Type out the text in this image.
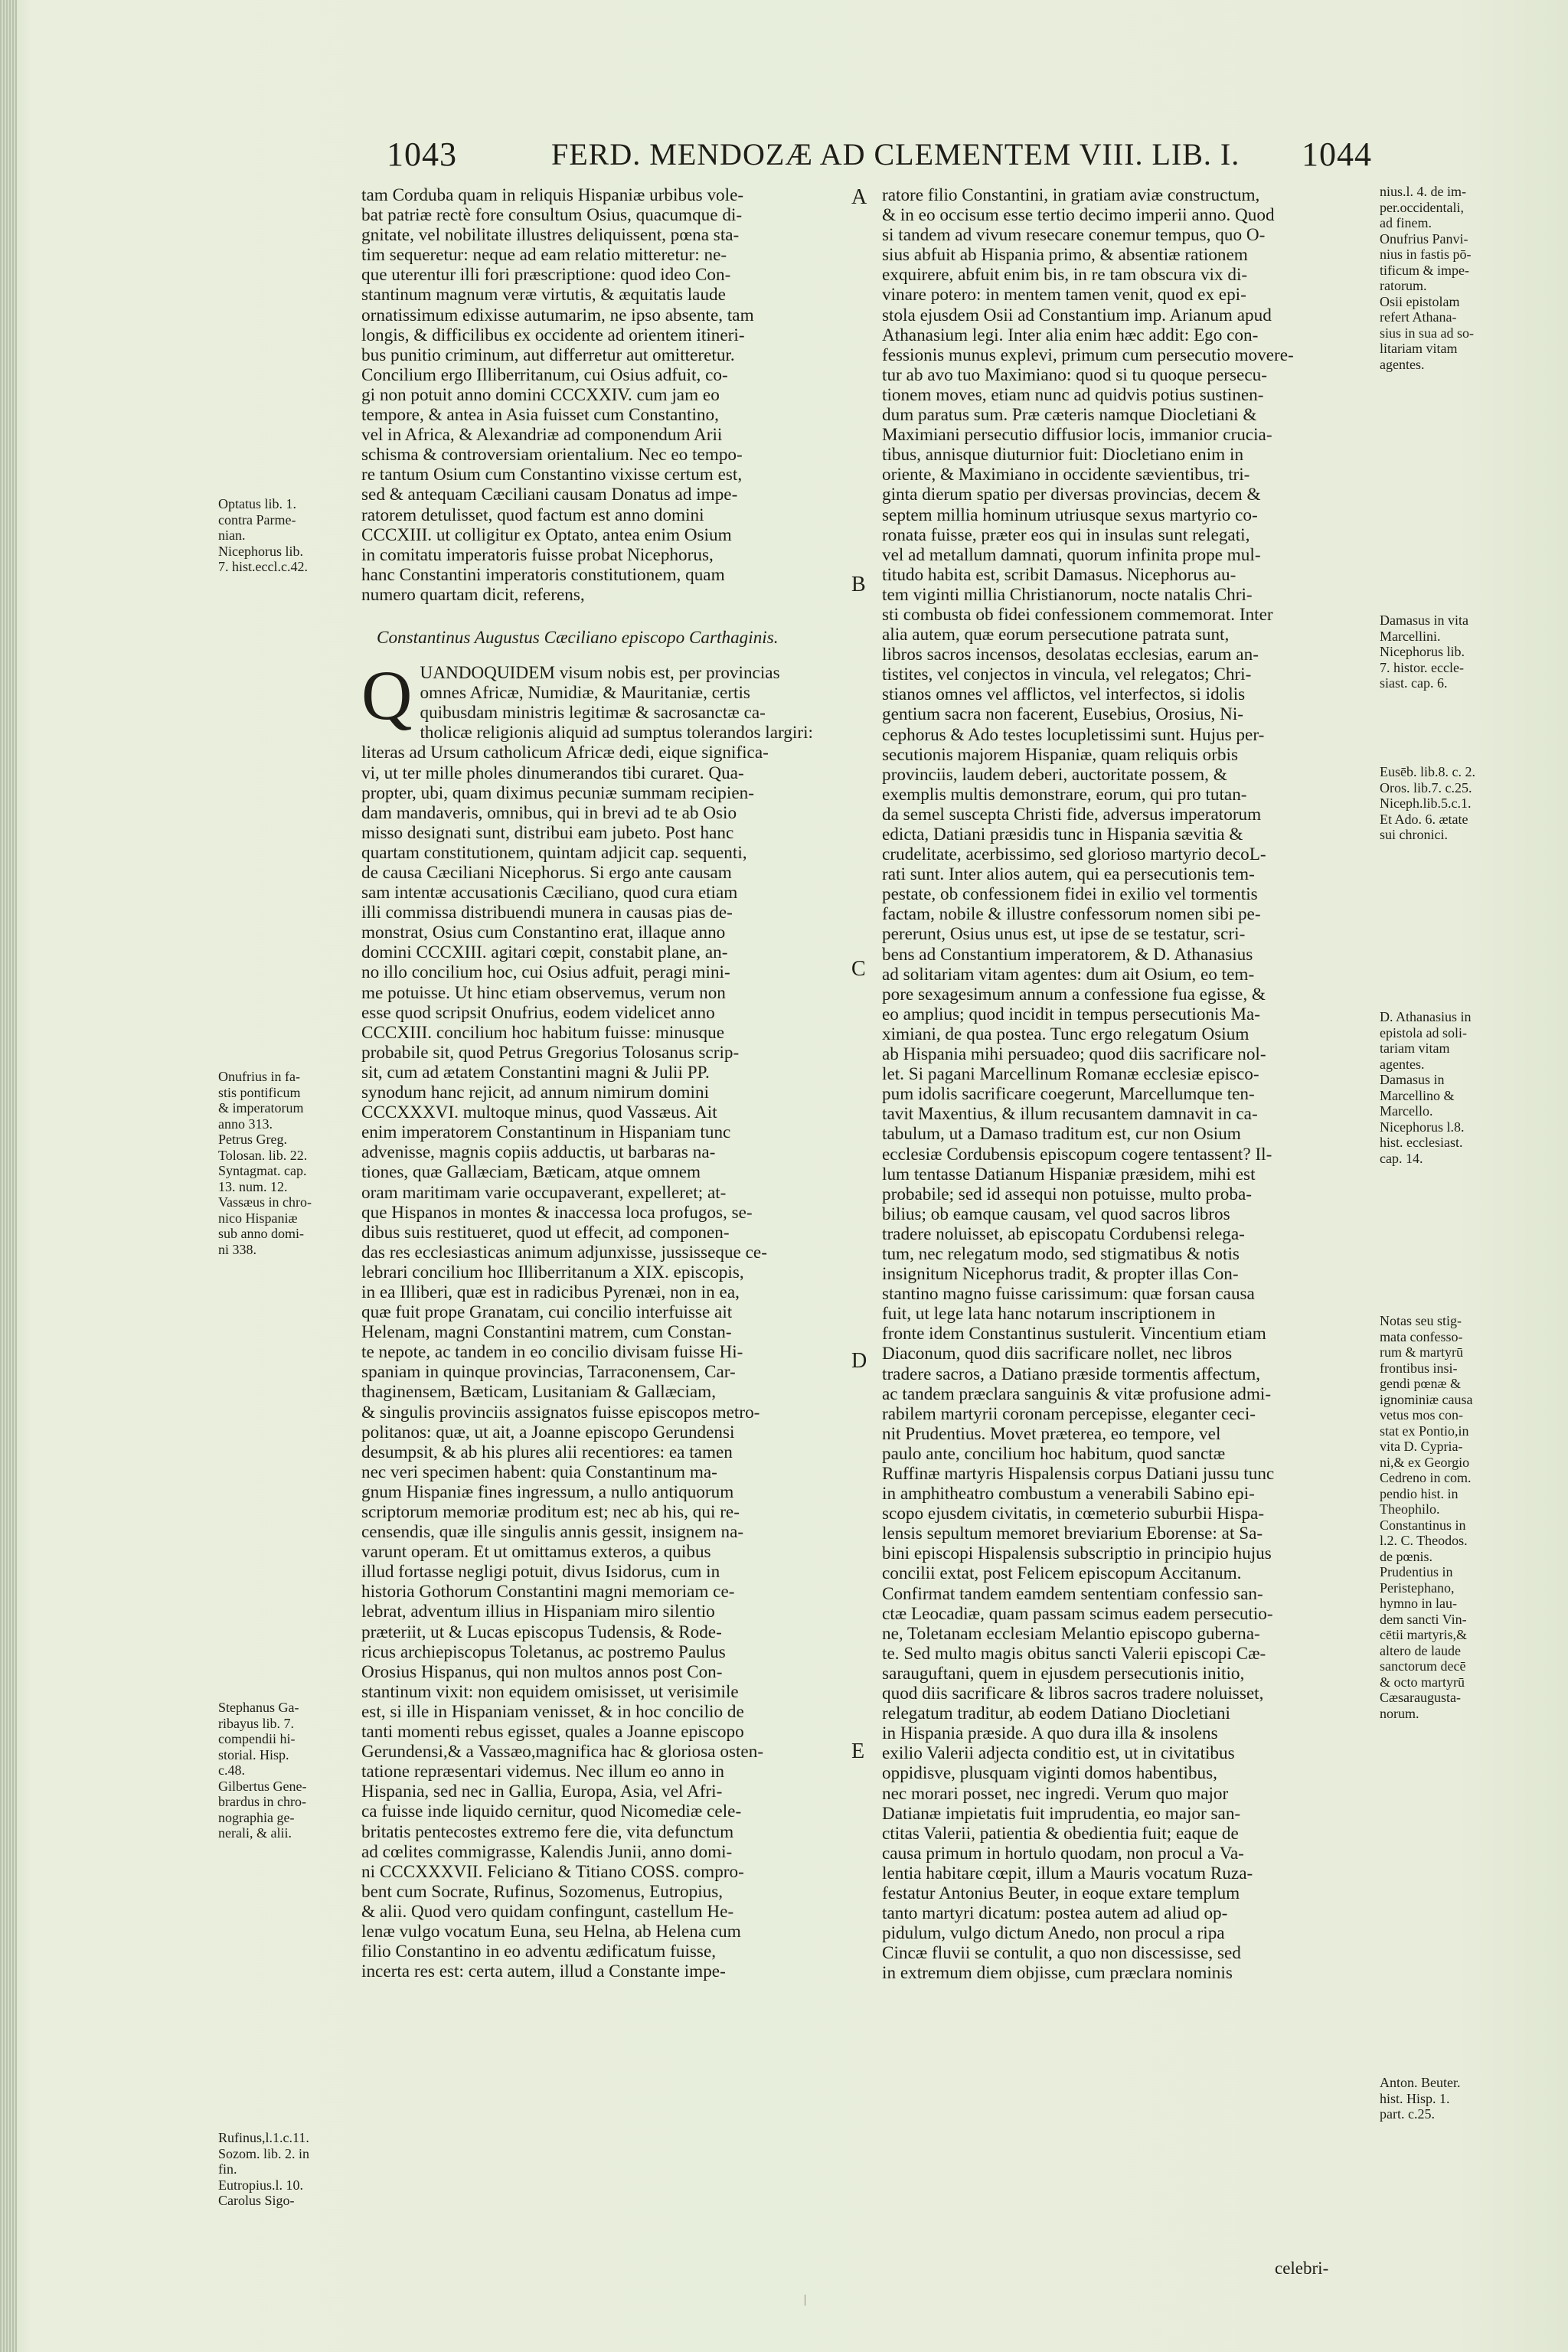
1043	FERD. MENDOZÆ AD CLEMENTEM VIII. LIB. I.	1044
Optatus lib. 1.
contra Parme-
nian.
Nicephorus lib.
7. hist.eccl.c.42.
Onufrius in fa-
stis pontificum
& imperatorum
anno 313.
Petrus Greg.
Tolosan. lib. 22.
Syntagmat. cap.
13. num. 12.
Vassæus in chro-
nico Hispaniæ
sub anno domi-
ni 338.
Stephanus Ga-
ribayus lib. 7.
compendii hi-
storial. Hisp.
c.48.
Gilbertus Gene-
brardus in chro-
nographia ge-
nerali, & alii.
Rufinus,l.1.c.11.
Sozom. lib. 2. in
fin.
Eutropius.l. 10.
Carolus Sigo-
tam Corduba quam in reliquis Hispaniæ urbibus vole-
bat patriæ rectè fore consultum Osius, quacumque di-
gnitate, vel nobilitate illustres deliquissent, pœna sta-
tim sequeretur: neque ad eam relatio mitteretur: ne-
que uterentur illi fori præscriptione: quod ideo Con-
stantinum magnum veræ virtutis, & æquitatis laude
ornatissimum edixisse autumarim, ne ipso absente, tam
longis, & difficilibus ex occidente ad orientem itineri-
bus punitio criminum, aut differretur aut omitteretur.
Concilium ergo Illiberritanum, cui Osius adfuit, co-
gi non potuit anno domini CCCXXIV. cum jam eo
tempore, & antea in Asia fuisset cum Constantino,
vel in Africa, & Alexandriæ ad componendum Arii
schisma & controversiam orientalium. Nec eo tempo-
re tantum Osium cum Constantino vixisse certum est,
sed & antequam Cæciliani causam Donatus ad impe-
ratorem detulisset, quod factum est anno domini
CCCXIII. ut colligitur ex Optato, antea enim Osium
in comitatu imperatoris fuisse probat Nicephorus,
hanc Constantini imperatoris constitutionem, quam
numero quartam dicit, referens,

Constantinus Augustus Cæciliano episcopo Carthaginis.

Q UANDOQUIDEM visum nobis est, per provincias
omnes Africæ, Numidiæ, & Mauritaniæ, certis
quibusdam ministris legitimæ & sacrosanctæ ca-
tholicæ religionis aliquid ad sumptus tolerandos largiri:
literas ad Ursum catholicum Africæ dedi, eique significa-
vi, ut ter mille pholes dinumerandos tibi curaret. Qua-
propter, ubi, quam diximus pecuniæ summam recipien-
dam mandaveris, omnibus, qui in brevi ad te ab Osio
misso designati sunt, distribui eam jubeto. Post hanc
quartam constitutionem, quintam adjicit cap. sequenti,
de causa Cæciliani Nicephorus. Si ergo ante causam
sam intentæ accusationis Cæciliano, quod cura etiam
illi commissa distribuendi munera in causas pias de-
monstrat, Osius cum Constantino erat, illaque anno
domini CCCXIII. agitari cœpit, constabit plane, an-
no illo concilium hoc, cui Osius adfuit, peragi mini-
me potuisse. Ut hinc etiam observemus, verum non
esse quod scripsit Onufrius, eodem videlicet anno
CCCXIII. concilium hoc habitum fuisse: minusque
probabile sit, quod Petrus Gregorius Tolosanus scrip-
sit, cum ad ætatem Constantini magni & Julii PP.
synodum hanc rejicit, ad annum nimirum domini
CCCXXXVI. multoque minus, quod Vassæus. Ait
enim imperatorem Constantinum in Hispaniam tunc
advenisse, magnis copiis adductis, ut barbaras na-
tiones, quæ Gallæciam, Bæticam, atque omnem
oram maritimam varie occupaverant, expelleret; at-
que Hispanos in montes & inaccessa loca profugos, se-
dibus suis restitueret, quod ut effecit, ad componen-
das res ecclesiasticas animum adjunxisse, jussisseque ce-
lebrari concilium hoc Illiberritanum a XIX. episcopis,
in ea Illiberi, quæ est in radicibus Pyrenæi, non in ea,
quæ fuit prope Granatam, cui concilio interfuisse ait
Helenam, magni Constantini matrem, cum Constan-
te nepote, ac tandem in eo concilio divisam fuisse Hi-
spaniam in quinque provincias, Tarraconensem, Car-
thaginensem, Bæticam, Lusitaniam & Gallæciam,
& singulis provinciis assignatos fuisse episcopos metro-
politanos: quæ, ut ait, a Joanne episcopo Gerundensi
desumpsit, & ab his plures alii recentiores: ea tamen
nec veri specimen habent: quia Constantinum ma-
gnum Hispaniæ fines ingressum, a nullo antiquorum
scriptorum memoriæ proditum est; nec ab his, qui re-
censendis, quæ ille singulis annis gessit, insignem na-
varunt operam. Et ut omittamus exteros, a quibus
illud fortasse negligi potuit, divus Isidorus, cum in
historia Gothorum Constantini magni memoriam ce-
lebrat, adventum illius in Hispaniam miro silentio
præteriit, ut & Lucas episcopus Tudensis, & Rode-
ricus archiepiscopus Toletanus, ac postremo Paulus
Orosius Hispanus, qui non multos annos post Con-
stantinum vixit: non equidem omisisset, ut verisimile
est, si ille in Hispaniam venisset, & in hoc concilio de
tanti momenti rebus egisset, quales a Joanne episcopo
Gerundensi,& a Vassæo,magnifica hac & gloriosa osten-
tatione repræsentari videmus. Nec illum eo anno in
Hispania, sed nec in Gallia, Europa, Asia, vel Afri-
ca fuisse inde liquido cernitur, quod Nicomediæ cele-
britatis pentecostes extremo fere die, vita defunctum
ad cœlites commigrasse, Kalendis Junii, anno domi-
ni CCCXXXVII. Feliciano & Titiano COSS. compro-
bent cum Socrate, Rufinus, Sozomenus, Eutropius,
& alii. Quod vero quidam confingunt, castellum He-
lenæ vulgo vocatum Euna, seu Helna, ab Helena cum
filio Constantino in eo adventu ædificatum fuisse,
incerta res est: certa autem, illud a Constante impe-
A
B
C
D
E
ratore filio Constantini, in gratiam aviæ constructum,
& in eo occisum esse tertio decimo imperii anno. Quod
si tandem ad vivum resecare conemur tempus, quo O-
sius abfuit ab Hispania primo, & absentiæ rationem
exquirere, abfuit enim bis, in re tam obscura vix di-
vinare potero: in mentem tamen venit, quod ex epi-
stola ejusdem Osii ad Constantium imp. Arianum apud
Athanasium legi. Inter alia enim hæc addit: Ego con-
fessionis munus explevi, primum cum persecutio movere-
tur ab avo tuo Maximiano: quod si tu quoque persecu-
tionem moves, etiam nunc ad quidvis potius sustinen-
dum paratus sum. Præ cæteris namque Diocletiani &
Maximiani persecutio diffusior locis, immanior crucia-
tibus, annisque diuturnior fuit: Diocletiano enim in
oriente, & Maximiano in occidente sævientibus, tri-
ginta dierum spatio per diversas provincias, decem &
septem millia hominum utriusque sexus martyrio co-
ronata fuisse, præter eos qui in insulas sunt relegati,
vel ad metallum damnati, quorum infinita prope mul-
titudo habita est, scribit Damasus. Nicephorus au-
tem viginti millia Christianorum, nocte natalis Chri-
sti combusta ob fidei confessionem commemorat. Inter
alia autem, quæ eorum persecutione patrata sunt,
libros sacros incensos, desolatas ecclesias, earum an-
tistites, vel conjectos in vincula, vel relegatos; Chri-
stianos omnes vel afflictos, vel interfectos, si idolis
gentium sacra non facerent, Eusebius, Orosius, Ni-
cephorus & Ado testes locupletissimi sunt. Hujus per-
secutionis majorem Hispaniæ, quam reliquis orbis
provinciis, laudem deberi, auctoritate possem, &
exemplis multis demonstrare, eorum, qui pro tutan-
da semel suscepta Christi fide, adversus imperatorum
edicta, Datiani præsidis tunc in Hispania sævitia &
crudelitate, acerbissimo, sed glorioso martyrio decoL-
rati sunt. Inter alios autem, qui ea persecutionis tem-
pestate, ob confessionem fidei in exilio vel tormentis
factam, nobile & illustre confessorum nomen sibi pe-
pererunt, Osius unus est, ut ipse de se testatur, scri-
bens ad Constantium imperatorem, & D. Athanasius
ad solitariam vitam agentes: dum ait Osium, eo tem-
pore sexagesimum annum a confessione fua egisse, &
eo amplius; quod incidit in tempus persecutionis Ma-
ximiani, de qua postea. Tunc ergo relegatum Osium
ab Hispania mihi persuadeo; quod diis sacrificare nol-
let. Si pagani Marcellinum Romanæ ecclesiæ episco-
pum idolis sacrificare coegerunt, Marcellumque ten-
tavit Maxentius, & illum recusantem damnavit in ca-
tabulum, ut a Damaso traditum est, cur non Osium
ecclesiæ Cordubensis episcopum cogere tentassent? Il-
lum tentasse Datianum Hispaniæ præsidem, mihi est
probabile; sed id assequi non potuisse, multo proba-
bilius; ob eamque causam, vel quod sacros libros
tradere noluisset, ab episcopatu Cordubensi relega-
tum, nec relegatum modo, sed stigmatibus & notis
insignitum Nicephorus tradit, & propter illas Con-
stantino magno fuisse carissimum: quæ forsan causa
fuit, ut lege lata hanc notarum inscriptionem in
fronte idem Constantinus sustulerit. Vincentium etiam
Diaconum, quod diis sacrificare nollet, nec libros
tradere sacros, a Datiano præside tormentis affectum,
ac tandem præclara sanguinis & vitæ profusione admi-
rabilem martyrii coronam percepisse, eleganter ceci-
nit Prudentius. Movet præterea, eo tempore, vel
paulo ante, concilium hoc habitum, quod sanctæ
Ruffinæ martyris Hispalensis corpus Datiani jussu tunc
in amphitheatro combustum a venerabili Sabino epi-
scopo ejusdem civitatis, in cœmeterio suburbii Hispa-
lensis sepultum memoret breviarium Eborense: at Sa-
bini episcopi Hispalensis subscriptio in principio hujus
concilii extat, post Felicem episcopum Accitanum.
Confirmat tandem eamdem sententiam confessio san-
ctæ Leocadiæ, quam passam scimus eadem persecutio-
ne, Toletanam ecclesiam Melantio episcopo guberna-
te. Sed multo magis obitus sancti Valerii episcopi Cæ-
sarauguftani, quem in ejusdem persecutionis initio,
quod diis sacrificare & libros sacros tradere noluisset,
relegatum traditur, ab eodem Datiano Diocletiani
in Hispania præside. A quo dura illa & insolens
exilio Valerii adjecta conditio est, ut in civitatibus
oppidisve, plusquam viginti domos habentibus,
nec morari posset, nec ingredi. Verum quo major
Datianæ impietatis fuit imprudentia, eo major san-
ctitas Valerii, patientia & obedientia fuit; eaque de
causa primum in hortulo quodam, non procul a Va-
lentia habitare cœpit, illum a Mauris vocatum Ruza-
festatur Antonius Beuter, in eoque extare templum
tanto martyri dicatum: postea autem ad aliud op-
pidulum, vulgo dictum Anedo, non procul a ripa
Cincæ fluvii se contulit, a quo non discessisse, sed
in extremum diem objisse, cum præclara nominis
nius.l. 4. de im-
per.occidentali,
ad finem.
Onufrius Panvi-
nius in fastis pō-
tificum & impe-
ratorum.
Osii epistolam
refert Athana-
sius in sua ad so-
litariam vitam
agentes.
Damasus in vita
Marcellini.
Nicephorus lib.
7. histor. eccle-
siast. cap. 6.
Eusēb. lib.8. c. 2.
Oros. lib.7. c.25.
Niceph.lib.5.c.1.
Et Ado. 6. ætate
sui chronici.
D. Athanasius in
epistola ad soli-
tariam vitam
agentes.
Damasus in
Marcellino &
Marcello.
Nicephorus l.8.
hist. ecclesiast.
cap. 14.
Notas seu stig-
mata confesso-
rum & martyrū
frontibus insi-
gendi pœnæ &
ignominiæ causa
vetus mos con-
stat ex Pontio,in
vita D. Cypria-
ni,& ex Georgio
Cedreno in com.
pendio hist. in
Theophilo.
Constantinus in
l.2. C. Theodos.
de pœnis.
Prudentius in
Peristephano,
hymno in lau-
dem sancti Vin-
cētii martyris,&
altero de laude
sanctorum decē
& octo martyrū
Cæsaraugusta-
norum.
Anton. Beuter.
hist. Hisp. 1.
part. c.25.
celebri-
|
